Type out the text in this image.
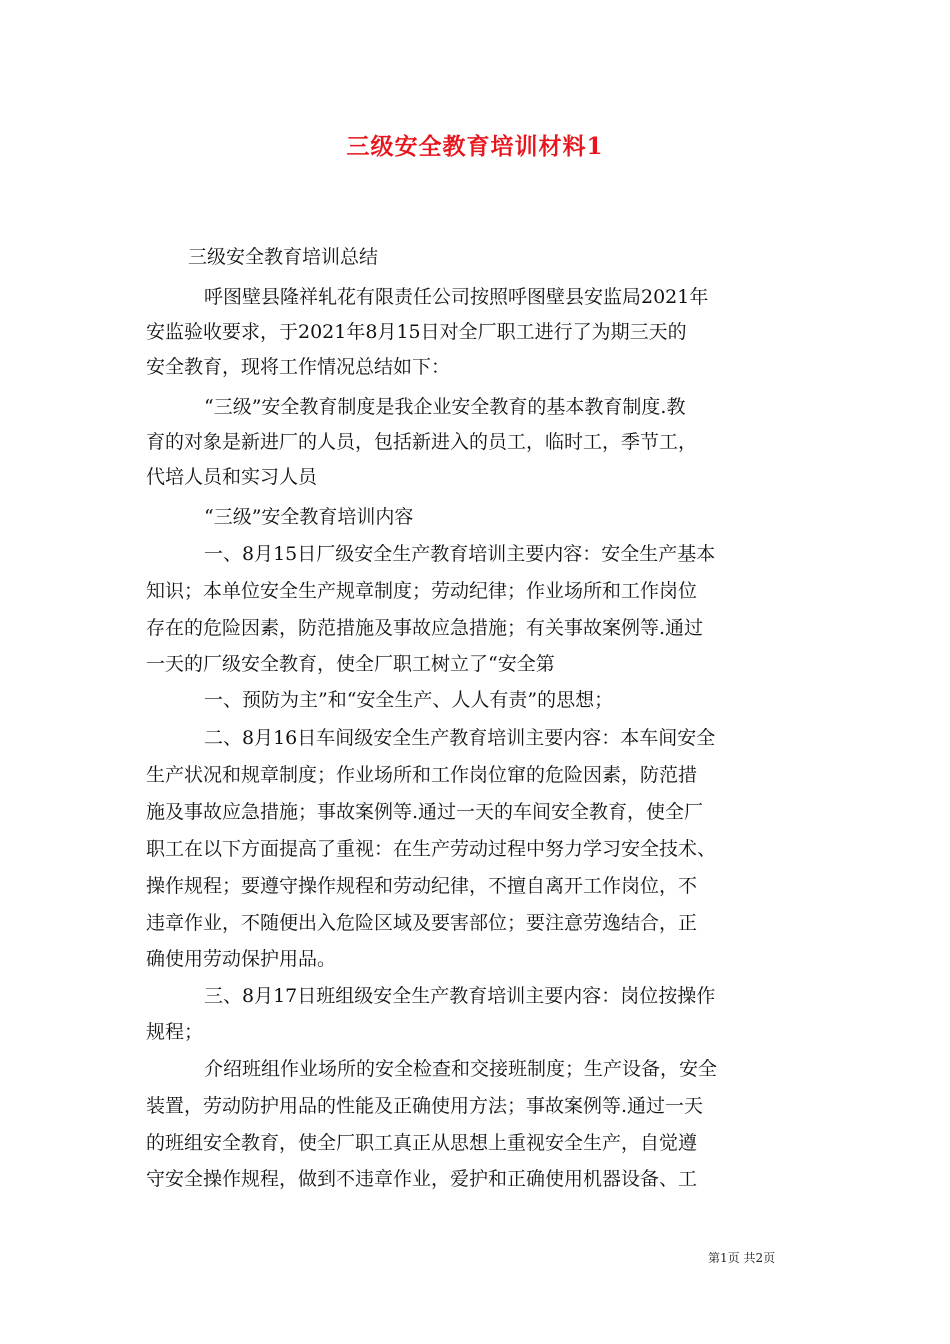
三级安全教育培训材料1
三级安全教育培训总结
呼图壁县隆祥轧花有限责任公司按照呼图壁县安监局2021年
安监验收要求，于2021年8月15日对全厂职工进行了为期三天的
安全教育，现将工作情况总结如下：
“三级”安全教育制度是我企业安全教育的基本教育制度.教
育的对象是新进厂的人员，包括新进入的员工，临时工，季节工，
代培人员和实习人员
“三级”安全教育培训内容
一、8月15日厂级安全生产教育培训主要内容：安全生产基本
知识；本单位安全生产规章制度；劳动纪律；作业场所和工作岗位
存在的危险因素，防范措施及事故应急措施；有关事故案例等.通过
一天的厂级安全教育，使全厂职工树立了“安全第
一、预防为主”和“安全生产、人人有责”的思想；
二、8月16日车间级安全生产教育培训主要内容：本车间安全
生产状况和规章制度；作业场所和工作岗位窜的危险因素，防范措
施及事故应急措施；事故案例等.通过一天的车间安全教育，使全厂
职工在以下方面提高了重视：在生产劳动过程中努力学习安全技术、
操作规程；要遵守操作规程和劳动纪律，不擅自离开工作岗位，不
违章作业，不随便出入危险区域及要害部位；要注意劳逸结合，正
确使用劳动保护用品。
三、8月17日班组级安全生产教育培训主要内容：岗位按操作
规程；
介绍班组作业场所的安全检查和交接班制度；生产设备，安全
装置，劳动防护用品的性能及正确使用方法；事故案例等.通过一天
的班组安全教育，使全厂职工真正从思想上重视安全生产，自觉遵
守安全操作规程，做到不违章作业，爱护和正确使用机器设备、工
第1页 共2页
